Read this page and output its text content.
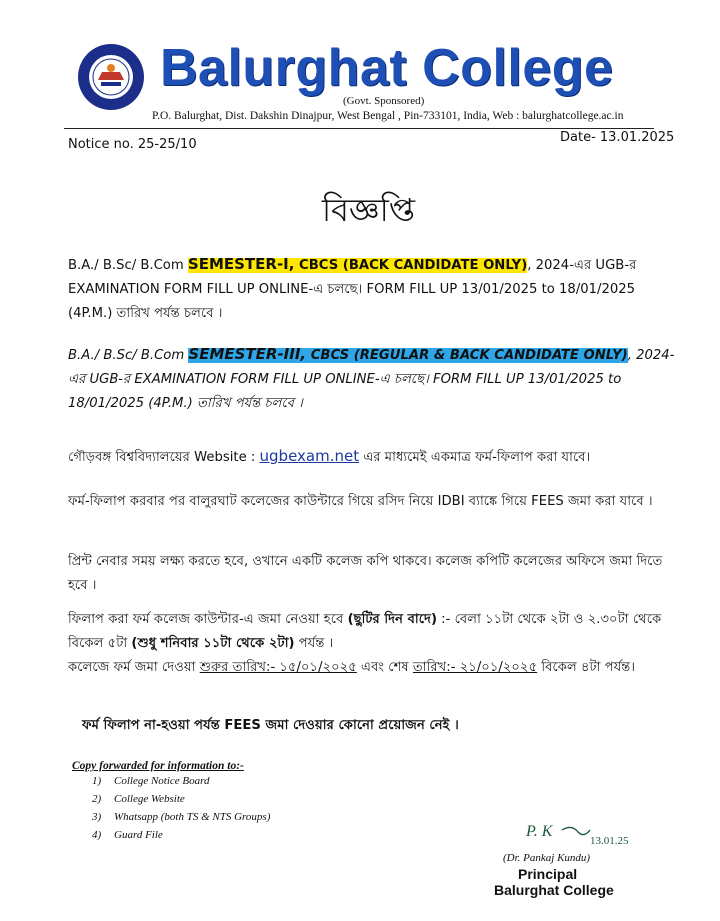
Balurghat College
(Govt. Sponsored)
P.O. Balurghat, Dist. Dakshin Dinajpur, West Bengal , Pin-733101, India, Web : balurghatcollege.ac.in
Notice no. 25-25/10	Date- 13.01.2025
বিজ্ঞপ্তি
B.A./ B.Sc/ B.Com SEMESTER-I, CBCS (BACK CANDIDATE ONLY), 2024-এর UGB-র EXAMINATION FORM FILL UP ONLINE-এ চলছে। FORM FILL UP 13/01/2025 to 18/01/2025 (4P.M.) তারিখ পর্যন্ত চলবে ।
B.A./ B.Sc/ B.Com SEMESTER-III, CBCS (REGULAR & BACK CANDIDATE ONLY), 2024-এর UGB-র EXAMINATION FORM FILL UP ONLINE-এ চলছে। FORM FILL UP 13/01/2025 to 18/01/2025 (4P.M.) তারিখ পর্যন্ত চলবে ।
গৌড়বঙ্গ বিশ্ববিদ্যালয়ের Website : ugbexam.net এর মাধ্যমেই একমাত্র ফর্ম-ফিলাপ করা যাবে।
ফর্ম-ফিলাপ করবার পর বালুরঘাট কলেজের কাউন্টারে গিয়ে রসিদ নিয়ে IDBI ব্যাঙ্কে গিয়ে FEES জমা করা যাবে ।
প্রিন্ট নেবার সময় লক্ষ্য করতে হবে, ওখানে একটি কলেজ কপি থাকবে। কলেজ কপিটি কলেজের অফিসে জমা দিতে হবে ।
ফিলাপ করা ফর্ম কলেজ কাউন্টার-এ জমা নেওয়া হবে (ছুটির দিন বাদে) :- বেলা ১১টা থেকে ২টা ও ২.৩০টা থেকে বিকেল ৫টা (শুধু শনিবার ১১টা থেকে ২টা) পর্যন্ত ।
কলেজে ফর্ম জমা দেওয়া শুরুর তারিখ:- ১৫/০১/২০২৫ এবং শেষ তারিখ:- ২১/০১/২০২৫ বিকেল ৪টা পর্যন্ত।
ফর্ম ফিলাপ না-হওয়া পর্যন্ত FEES জমা দেওয়ার কোনো প্রয়োজন নেই ।
Copy forwarded for information to:-
1) College Notice Board
2) College Website
3) Whatsapp (both TS & NTS Groups)
4) Guard File	P. K
13.01.25
(Dr. Pankaj Kundu)
Principal
Balurghat College
